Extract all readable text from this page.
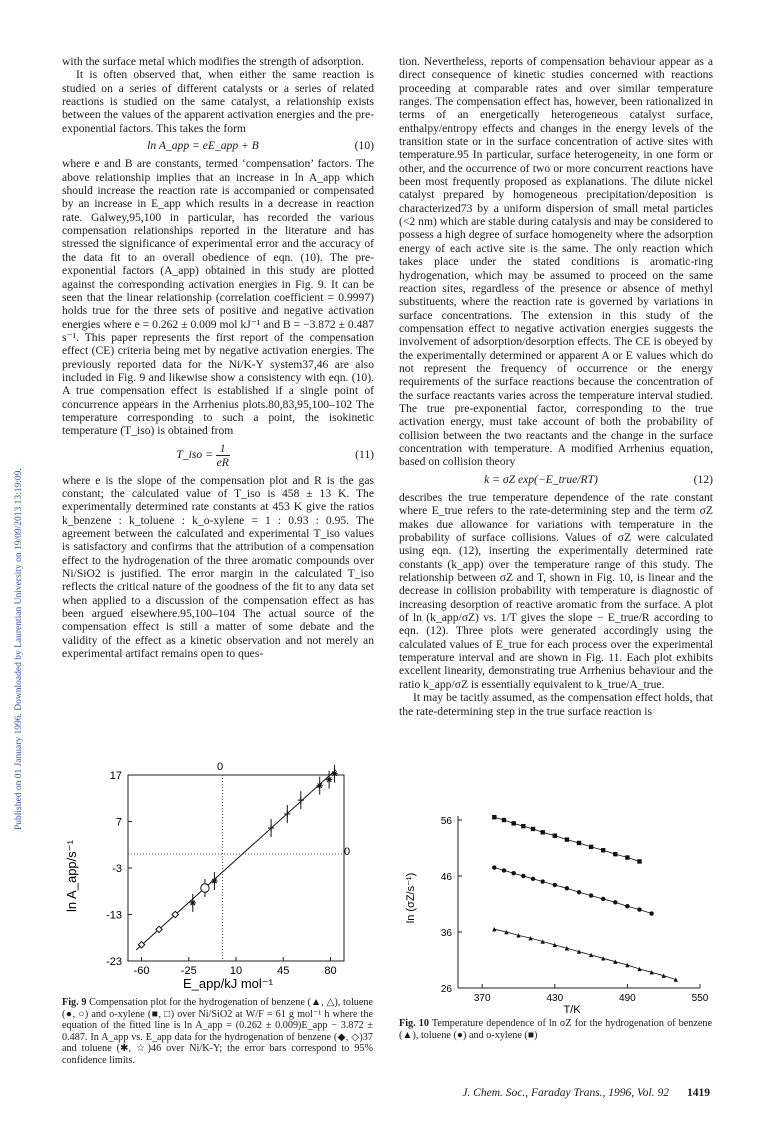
Published on 01 January 1996. Downloaded by Laurentian University on 19/09/2013 13:19:09.

with the surface metal which modifies the strength of adsorption.

It is often observed that, when either the same reaction is studied on a series of different catalysts or a series of related reactions is studied on the same catalyst, a relationship exists between the values of the apparent activation energies and the pre-exponential factors. This takes the form

ln A_app = eE_app + B	(10)

where e and B are constants, termed ‘compensation’ factors. The above relationship implies that an increase in ln A_app which should increase the reaction rate is accompanied or compensated by an increase in E_app which results in a decrease in reaction rate. Galwey,95,100 in particular, has recorded the various compensation relationships reported in the literature and has stressed the significance of experimental error and the accuracy of the data fit to an overall obedience of eqn. (10). The pre-exponential factors (A_app) obtained in this study are plotted against the corresponding activation energies in Fig. 9. It can be seen that the linear relationship (correlation coefficient = 0.9997) holds true for the three sets of positive and negative activation energies where e = 0.262 ± 0.009 mol kJ⁻¹ and B = −3.872 ± 0.487 s⁻¹. This paper represents the first report of the compensation effect (CE) criteria being met by negative activation energies. The previously reported data for the Ni/K-Y system37,46 are also included in Fig. 9 and likewise show a consistency with eqn. (10). A true compensation effect is established if a single point of concurrence appears in the Arrhenius plots.80,83,95,100–102 The temperature corresponding to such a point, the isokinetic temperature (T_iso) is obtained from

T_iso = $\frac{1}{eR}$	(11)

where e is the slope of the compensation plot and R is the gas constant; the calculated value of T_iso is 458 ± 13 K. The experimentally determined rate constants at 453 K give the ratios k_benzene : k_toluene : k_o-xylene = 1 : 0.93 : 0.95. The agreement between the calculated and experimental T_iso values is satisfactory and confirms that the attribution of a compensation effect to the hydrogenation of the three aromatic compounds over Ni/SiO2 is justified. The error margin in the calculated T_iso reflects the critical nature of the goodness of the fit to any data set when applied to a discussion of the compensation effect as has been argued elsewhere.95,100–104 The actual source of the compensation effect is still a matter of some debate and the validity of the effect as a kinetic observation and not merely an experimental artifact remains open to ques-

tion. Nevertheless, reports of compensation behaviour appear as a direct consequence of kinetic studies concerned with reactions proceeding at comparable rates and over similar temperature ranges. The compensation effect has, however, been rationalized in terms of an energetically heterogeneous catalyst surface, enthalpy/entropy effects and changes in the energy levels of the transition state or in the surface concentration of active sites with temperature.95 In particular, surface heterogeneity, in one form or other, and the occurrence of two or more concurrent reactions have been most frequently proposed as explanations. The dilute nickel catalyst prepared by homogeneous precipitation/deposition is characterized73 by a uniform dispersion of small metal particles (<2 nm) which are stable during catalysis and may be considered to possess a high degree of surface homogeneity where the adsorption energy of each active site is the same. The only reaction which takes place under the stated conditions is aromatic-ring hydrogenation, which may be assumed to proceed on the same reaction sites, regardless of the presence or absence of methyl substituents, where the reaction rate is governed by variations in surface concentrations. The extension in this study of the compensation effect to negative activation energies suggests the involvement of adsorption/desorption effects. The CE is obeyed by the experimentally determined or apparent A or E values which do not represent the frequency of occurrence or the energy requirements of the surface reactions because the concentration of the surface reactants varies across the temperature interval studied. The true pre-exponential factor, corresponding to the true activation energy, must take account of both the probability of collision between the two reactants and the change in the surface concentration with temperature. A modified Arrhenius equation, based on collision theory

k = σZ exp(−E_true/RT)	(12)

describes the true temperature dependence of the rate constant where E_true refers to the rate-determining step and the term σZ makes due allowance for variations with temperature in the probability of surface collisions. Values of σZ were calculated using eqn. (12), inserting the experimentally determined rate constants (k_app) over the temperature range of this study. The relationship between σZ and T, shown in Fig. 10, is linear and the decrease in collision probability with temperature is diagnostic of increasing desorption of reactive aromatic from the surface. A plot of ln (k_app/σZ) vs. 1/T gives the slope − E_true/R according to eqn. (12). Three plots were generated accordingly using the calculated values of E_true for each process over the experimental temperature interval and are shown in Fig. 11. Each plot exhibits excellent linearity, demonstrating true Arrhenius behaviour and the ratio k_app/σZ is essentially equivalent to k_true/A_true.

It may be tacitly assumed, as the compensation effect holds, that the rate-determining step in the true surface reaction is

-60	-25	10	45	80
17
7
-3
-13
-23
0
0
ln A_app/s⁻¹
E_app/kJ mol⁻¹
370	430	490	550
56
46
36
26
ln (σZ/s⁻¹)
T/K
Fig. 9 Compensation plot for the hydrogenation of benzene (▲, △), toluene (●, ○) and o-xylene (■, □) over Ni/SiO2 at W/F = 61 g mol⁻¹ h where the equation of the fitted line is ln A_app = (0.262 ± 0.009)E_app − 3.872 ± 0.487. In A_app vs. E_app data for the hydrogenation of benzene (◆, ◇)37 and toluene (✱, ☆)46 over Ni/K-Y; the error bars correspond to 95% confidence limits.
Fig. 10 Temperature dependence of ln σZ for the hydrogenation of benzene (▲), toluene (●) and o-xylene (■)
J. Chem. Soc., Faraday Trans., 1996, Vol. 92 1419
